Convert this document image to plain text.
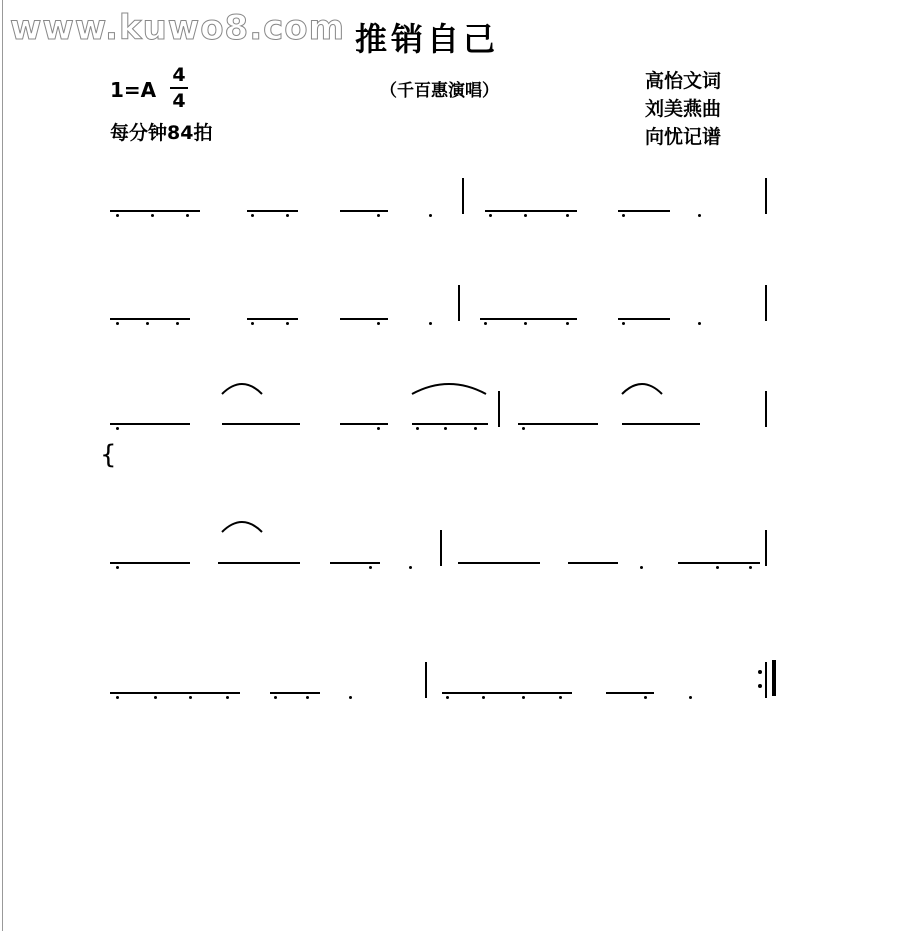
www.kuwo8.com 推销自己
1=A
4
4
每分钟84拍
（千百惠演唱）	高怡文词
刘美燕曲
向忧记谱
{
